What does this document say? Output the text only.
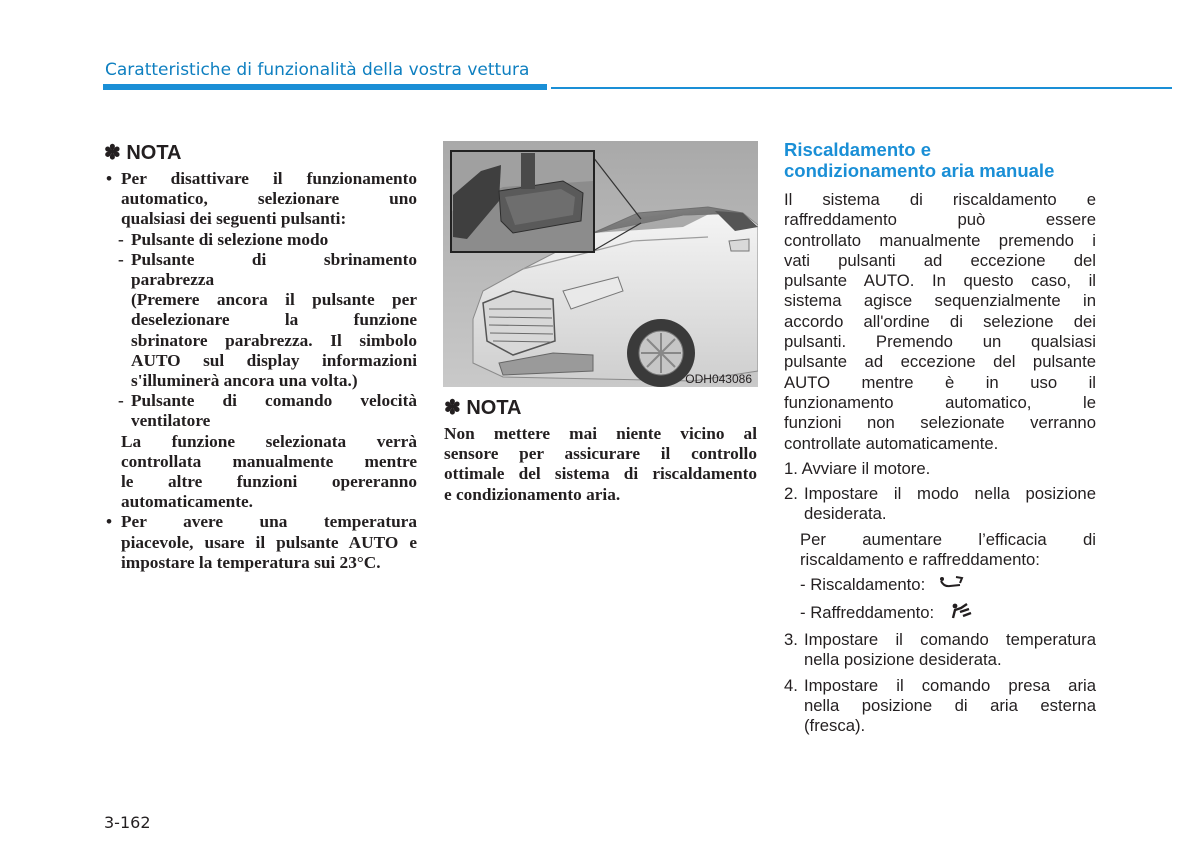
Caratteristiche di funzionalità della vostra vettura
✽ NOTA
• Per disattivare il funzionamento
automatico, selezionare uno
qualsiasi dei seguenti pulsanti:
- Pulsante di selezione modo
- Pulsante di sbrinamento
parabrezza
(Premere ancora il pulsante per
deselezionare la funzione
sbrinatore parabrezza. Il simbolo
AUTO sul display informazioni
s'illuminerà ancora una volta.)
- Pulsante di comando velocità
ventilatore
La funzione selezionata verrà
controllata manualmente mentre
le altre funzioni opereranno
automaticamente.
• Per avere una temperatura
piacevole, usare il pulsante AUTO e
impostare la temperatura sui 23°C.
ODH043086
✽ NOTA
Non mettere mai niente vicino al
sensore per assicurare il controllo
ottimale del sistema di riscaldamento
e condizionamento aria.
Riscaldamento e
condizionamento aria manuale
Il sistema di riscaldamento e
raffreddamento può essere
controllato manualmente premendo i
vati pulsanti ad eccezione del
pulsante AUTO. In questo caso, il
sistema agisce sequenzialmente in
accordo all'ordine di selezione dei
pulsanti. Premendo un qualsiasi
pulsante ad eccezione del pulsante
AUTO mentre è in uso il
funzionamento automatico, le
funzioni non selezionate verranno
controllate automaticamente.
1. Avviare il motore.
2. Impostare il modo nella posizione
desiderata.
Per aumentare l’efficacia di
riscaldamento e raffreddamento:
- Riscaldamento:
- Raffreddamento:
3. Impostare il comando temperatura
nella posizione desiderata.
4. Impostare il comando presa aria
nella posizione di aria esterna
(fresca).
3-162
